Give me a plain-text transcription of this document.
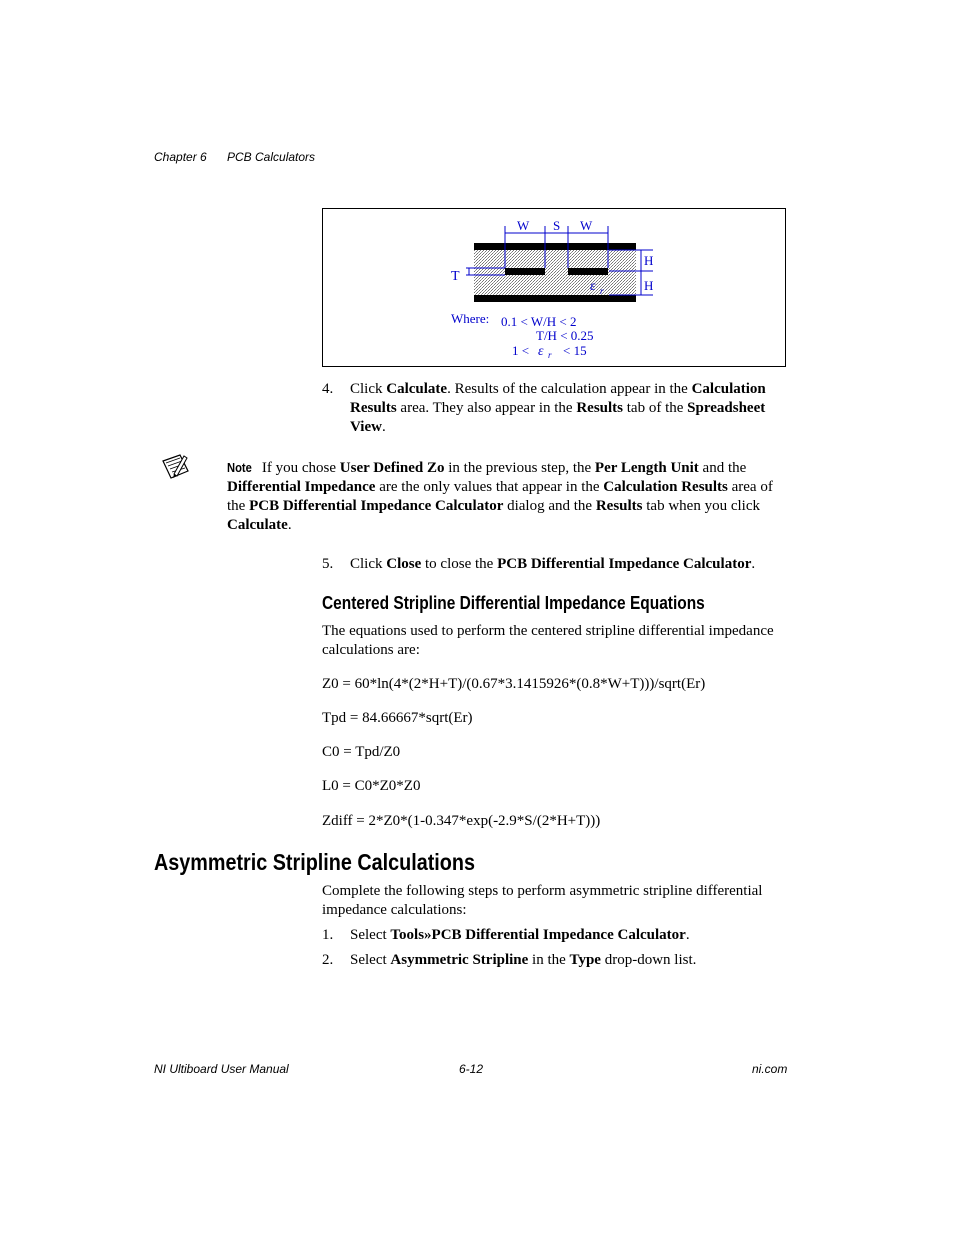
Chapter 6 PCB Calculators
W S W
H
H
T
ε r
Where: 0.1 < W/H < 2
T/H < 0.25
1 < ε r < 15
4. Click Calculate. Results of the calculation appear in the Calculation Results area. They also appear in the Results tab of the Spreadsheet View.
Note If you chose User Defined Zo in the previous step, the Per Length Unit and the Differential Impedance are the only values that appear in the Calculation Results area of the PCB Differential Impedance Calculator dialog and the Results tab when you click Calculate.
5. Click Close to close the PCB Differential Impedance Calculator.
Centered Stripline Differential Impedance Equations
The equations used to perform the centered stripline differential impedance calculations are:
Z0 = 60*ln(4*(2*H+T)/(0.67*3.1415926*(0.8*W+T)))/sqrt(Er)
Tpd = 84.66667*sqrt(Er)
C0 = Tpd/Z0
L0 = C0*Z0*Z0
Zdiff = 2*Z0*(1-0.347*exp(-2.9*S/(2*H+T)))
Asymmetric Stripline Calculations
Complete the following steps to perform asymmetric stripline differential impedance calculations:
1. Select Tools»PCB Differential Impedance Calculator.
2. Select Asymmetric Stripline in the Type drop-down list.
NI Ultiboard User Manual	6-12	ni.com
